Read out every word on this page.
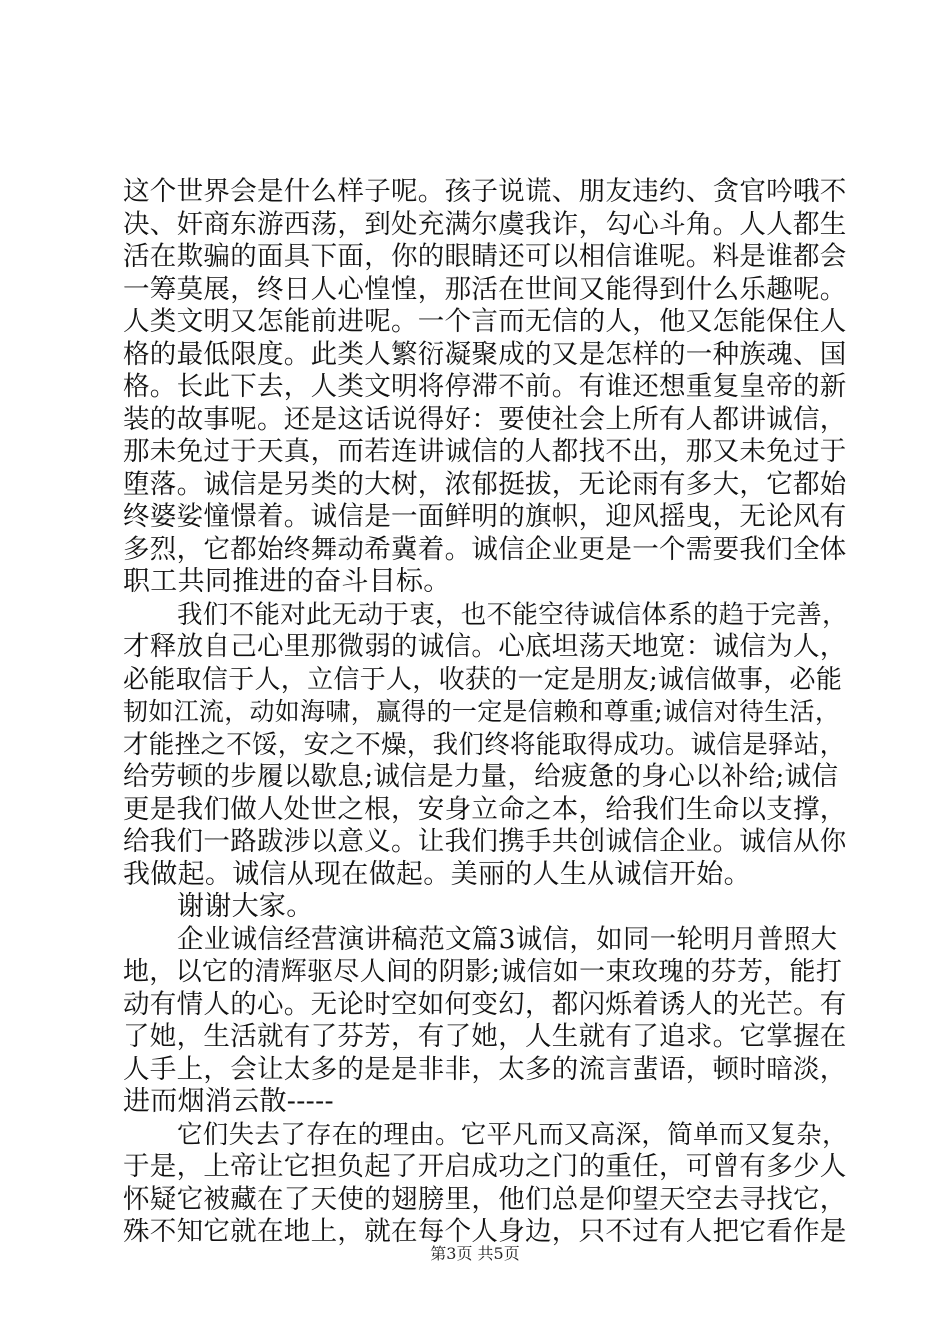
这个世界会是什么样子呢。孩子说谎、朋友违约、贪官吟哦不
决、奸商东游西荡，到处充满尔虞我诈，勾心斗角。人人都生
活在欺骗的面具下面，你的眼睛还可以相信谁呢。料是谁都会
一筹莫展，终日人心惶惶，那活在世间又能得到什么乐趣呢。
人类文明又怎能前进呢。一个言而无信的人，他又怎能保住人
格的最低限度。此类人繁衍凝聚成的又是怎样的一种族魂、国
格。长此下去，人类文明将停滞不前。有谁还想重复皇帝的新
装的故事呢。还是这话说得好：要使社会上所有人都讲诚信，
那未免过于天真，而若连讲诚信的人都找不出，那又未免过于
堕落。诚信是另类的大树，浓郁挺拔，无论雨有多大，它都始
终婆娑憧憬着。诚信是一面鲜明的旗帜，迎风摇曳，无论风有
多烈，它都始终舞动希冀着。诚信企业更是一个需要我们全体
职工共同推进的奋斗目标。
我们不能对此无动于衷，也不能空待诚信体系的趋于完善，
才释放自己心里那微弱的诚信。心底坦荡天地宽：诚信为人，
必能取信于人，立信于人，收获的一定是朋友;诚信做事，必能
韧如江流，动如海啸，赢得的一定是信赖和尊重;诚信对待生活，
才能挫之不馁，安之不燥，我们终将能取得成功。诚信是驿站，
给劳顿的步履以歇息;诚信是力量，给疲惫的身心以补给;诚信
更是我们做人处世之根，安身立命之本，给我们生命以支撑，
给我们一路跋涉以意义。让我们携手共创诚信企业。诚信从你
我做起。诚信从现在做起。美丽的人生从诚信开始。
谢谢大家。
企业诚信经营演讲稿范文篇3诚信，如同一轮明月普照大
地，以它的清辉驱尽人间的阴影;诚信如一束玫瑰的芬芳，能打
动有情人的心。无论时空如何变幻，都闪烁着诱人的光芒。有
了她，生活就有了芬芳，有了她，人生就有了追求。它掌握在
人手上，会让太多的是是非非，太多的流言蜚语，顿时暗淡，
进而烟消云散-----
它们失去了存在的理由。它平凡而又高深，简单而又复杂，
于是，上帝让它担负起了开启成功之门的重任，可曾有多少人
怀疑它被藏在了天使的翅膀里，他们总是仰望天空去寻找它，
殊不知它就在地上，就在每个人身边，只不过有人把它看作是
第3页 共5页
